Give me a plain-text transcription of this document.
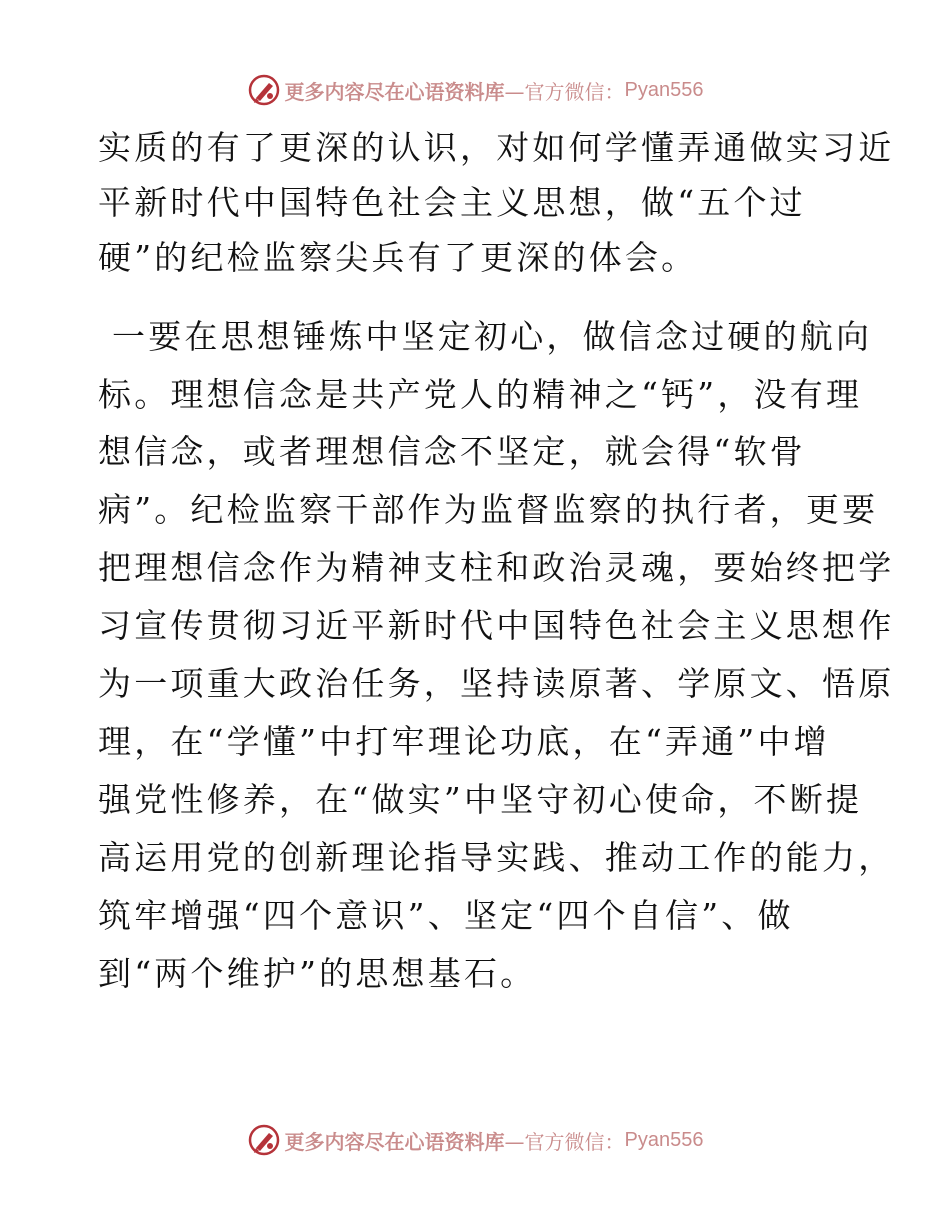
更多内容尽在心语资料库 —官方微信： Pyan556
实质的有了更深的认识，对如何学懂弄通做实习近
平新时代中国特色社会主义思想，做“五个过
硬”的纪检监察尖兵有了更深的体会。
一要在思想锤炼中坚定初心，做信念过硬的航向
标。理想信念是共产党人的精神之“钙”，没有理
想信念，或者理想信念不坚定，就会得“软骨
病”。纪检监察干部作为监督监察的执行者，更要
把理想信念作为精神支柱和政治灵魂，要始终把学
习宣传贯彻习近平新时代中国特色社会主义思想作
为一项重大政治任务，坚持读原著、学原文、悟原
理，在“学懂”中打牢理论功底，在“弄通”中增
强党性修养，在“做实”中坚守初心使命，不断提
高运用党的创新理论指导实践、推动工作的能力，
筑牢增强“四个意识”、坚定“四个自信”、做
到“两个维护”的思想基石。
更多内容尽在心语资料库 —官方微信： Pyan556
